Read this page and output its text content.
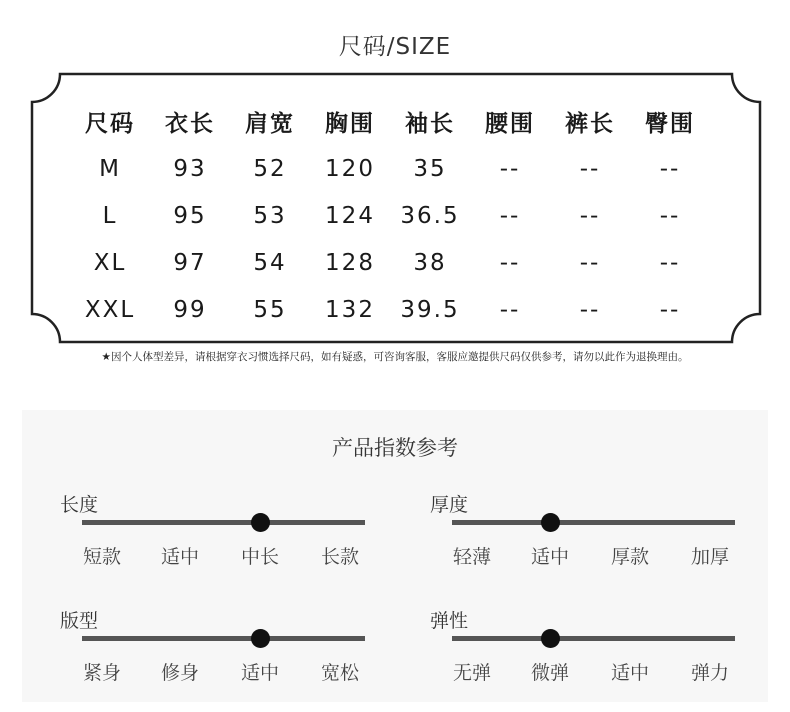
尺码/SIZE
尺码	衣长	肩宽	胸围	袖长	腰围	裤长	臀围
M	93	52	120	35	--	--	--
L	95	53	124	36.5	--	--	--
XL	97	54	128	38	--	--	--
XXL	99	55	132	39.5	--	--	--
★因个人体型差异，请根据穿衣习惯选择尺码，如有疑惑，可咨询客服，客服应邀提供尺码仅供参考，请勿以此作为退换理由。
产品指数参考
长度
短款	适中	中长	长款
厚度
轻薄	适中	厚款	加厚
版型
紧身	修身	适中	宽松
弹性
无弹	微弹	适中	弹力
